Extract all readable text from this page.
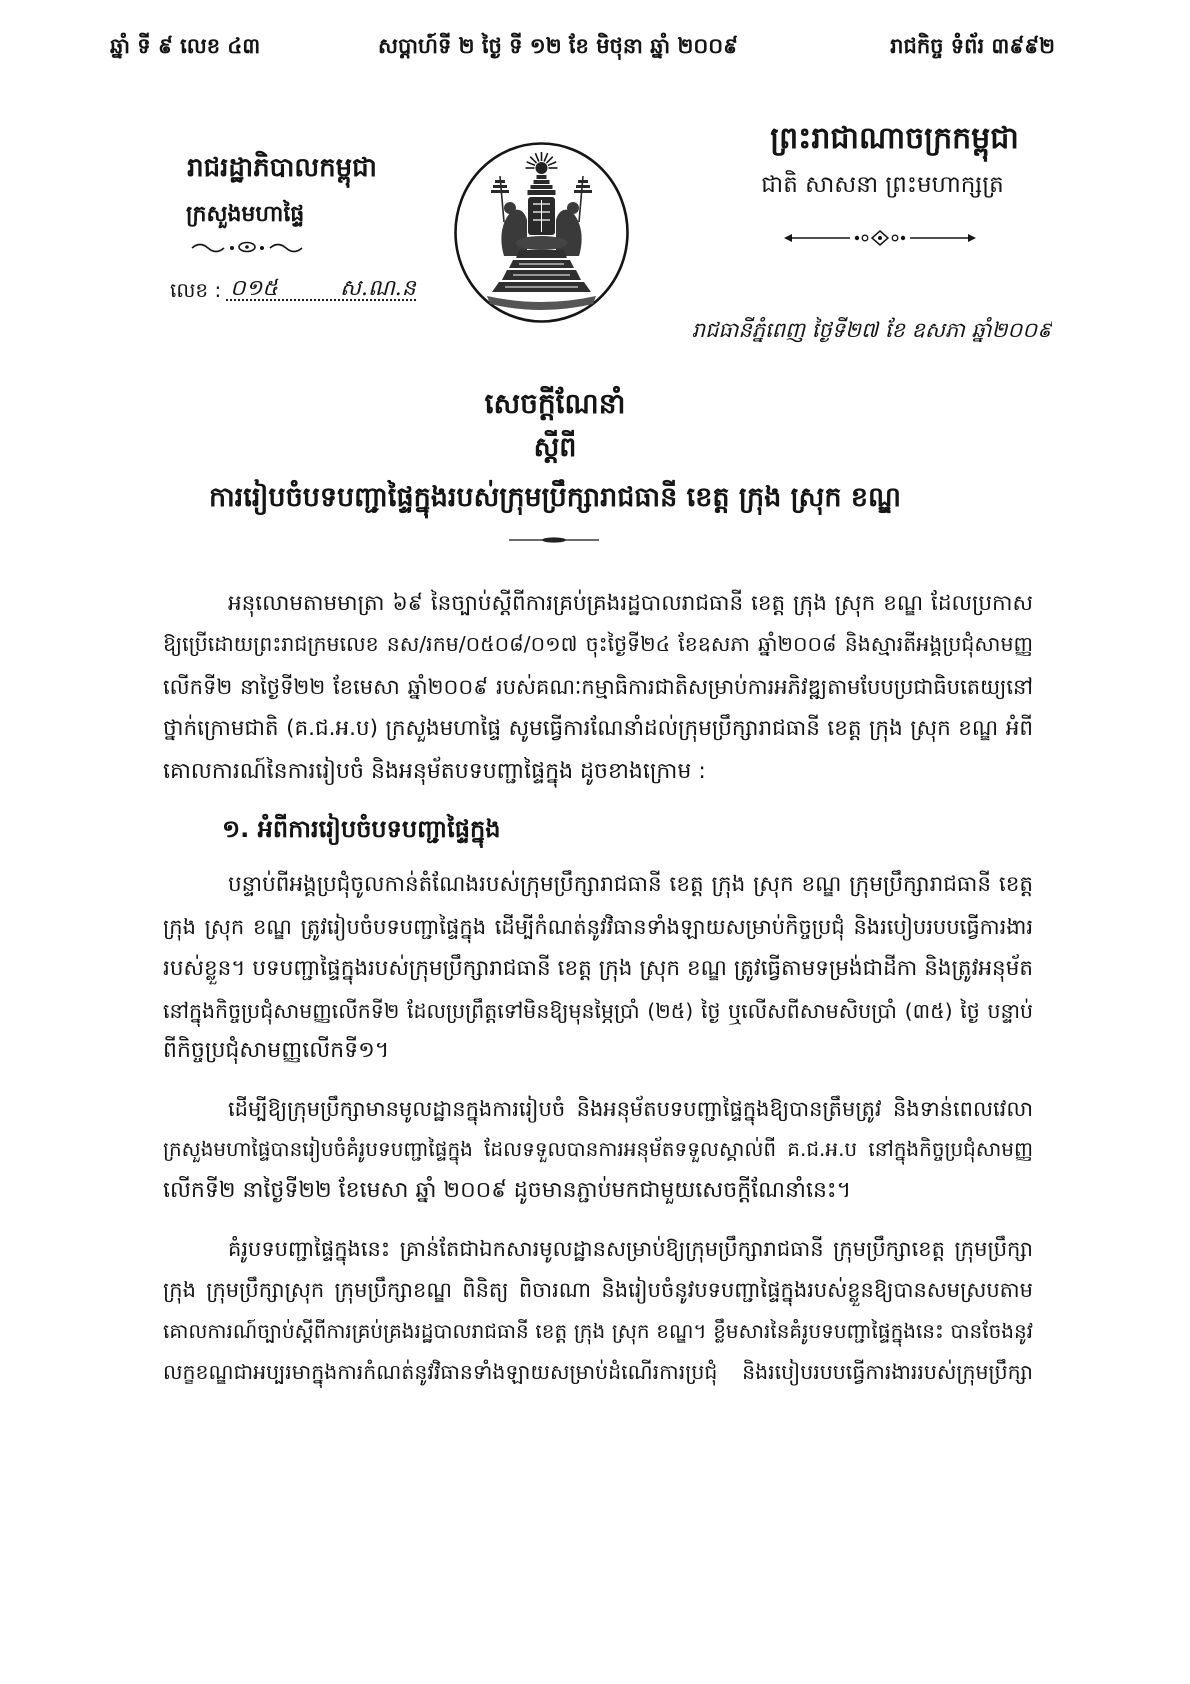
ឆ្នាំ ទី ៩ លេខ ៤៣	សប្តាហ៍ទី ២ ថ្ងៃ ទី ១២ ខែ មិថុនា ឆ្នាំ ២០០៩	រាជកិច្ច ទំព័រ ៣៩៩២
ព្រះរាជាណាចក្រកម្ពុជា
ជាតិ សាសនា ព្រះមហាក្សត្រ
រាជរដ្ឋាភិបាលកម្ពុជា
ក្រសួងមហាផ្ទៃ
លេខ : ០១៥	ស.ណ.ន
រាជធានីភ្នំពេញ ថ្ងៃទី២៧ ខែ ឧសភា ឆ្នាំ២០០៩
សេចក្តីណែនាំ
ស្តីពី
ការរៀបចំបទបញ្ជាផ្ទៃក្នុងរបស់ក្រុមប្រឹក្សារាជធានី ខេត្ត ក្រុង ស្រុក ខណ្ឌ
អនុលោមតាមមាត្រា ៦៩ នៃច្បាប់ស្តីពីការគ្រប់គ្រងរដ្ឋបាលរាជធានី ខេត្ត ក្រុង ស្រុក ខណ្ឌ ដែលប្រកាស
ឱ្យប្រើដោយព្រះរាជក្រមលេខ នស/រកម/០៥០៨/០១៧ ចុះថ្ងៃទី២៤ ខែឧសភា ឆ្នាំ២០០៨ និងស្មារតីអង្គប្រជុំសាមញ្ញ
លើកទី២ នាថ្ងៃទី២២ ខែមេសា ឆ្នាំ២០០៩ របស់គណៈកម្មាធិការជាតិសម្រាប់ការអភិវឌ្ឍតាមបែបប្រជាធិបតេយ្យនៅ
ថ្នាក់ក្រោមជាតិ (គ.ជ.អ.ប) ក្រសួងមហាផ្ទៃ សូមធ្វើការណែនាំដល់ក្រុមប្រឹក្សារាជធានី ខេត្ត ក្រុង ស្រុក ខណ្ឌ អំពី
គោលការណ៍នៃការរៀបចំ និងអនុម័តបទបញ្ជាផ្ទៃក្នុង ដូចខាងក្រោម :
១. អំពីការរៀបចំបទបញ្ជាផ្ទៃក្នុង
បន្ទាប់ពីអង្គប្រជុំចូលកាន់តំណែងរបស់ក្រុមប្រឹក្សារាជធានី ខេត្ត ក្រុង ស្រុក ខណ្ឌ ក្រុមប្រឹក្សារាជធានី ខេត្ត
ក្រុង ស្រុក ខណ្ឌ ត្រូវរៀបចំបទបញ្ជាផ្ទៃក្នុង ដើម្បីកំណត់នូវវិធានទាំងឡាយសម្រាប់កិច្ចប្រជុំ និងរបៀបរបបធ្វើការងារ
របស់ខ្លួន។ បទបញ្ជាផ្ទៃក្នុងរបស់ក្រុមប្រឹក្សារាជធានី ខេត្ត ក្រុង ស្រុក ខណ្ឌ ត្រូវធ្វើតាមទម្រង់ជាដីកា និងត្រូវអនុម័ត
នៅក្នុងកិច្ចប្រជុំសាមញ្ញលើកទី២ ដែលប្រព្រឹត្តទៅមិនឱ្យមុនម្ភៃប្រាំ (២៥) ថ្ងៃ ឬលើសពីសាមសិបប្រាំ (៣៥) ថ្ងៃ បន្ទាប់
ពីកិច្ចប្រជុំសាមញ្ញលើកទី១។
ដើម្បីឱ្យក្រុមប្រឹក្សាមានមូលដ្ឋានក្នុងការរៀបចំ និងអនុម័តបទបញ្ជាផ្ទៃក្នុងឱ្យបានត្រឹមត្រូវ និងទាន់ពេលវេលា
ក្រសួងមហាផ្ទៃបានរៀបចំគំរូបទបញ្ជាផ្ទៃក្នុង ដែលទទួលបានការអនុម័តទទួលស្គាល់ពី គ.ជ.អ.ប នៅក្នុងកិច្ចប្រជុំសាមញ្ញ
លើកទី២ នាថ្ងៃទី២២ ខែមេសា ឆ្នាំ ២០០៩ ដូចមានភ្ជាប់មកជាមួយសេចក្តីណែនាំនេះ។
គំរូបទបញ្ជាផ្ទៃក្នុងនេះ គ្រាន់តែជាឯកសារមូលដ្ឋានសម្រាប់ឱ្យក្រុមប្រឹក្សារាជធានី ក្រុមប្រឹក្សាខេត្ត ក្រុមប្រឹក្សា
ក្រុង ក្រុមប្រឹក្សាស្រុក ក្រុមប្រឹក្សាខណ្ឌ ពិនិត្យ ពិចារណា និងរៀបចំនូវបទបញ្ជាផ្ទៃក្នុងរបស់ខ្លួនឱ្យបានសមស្របតាម
គោលការណ៍ច្បាប់ស្តីពីការគ្រប់គ្រងរដ្ឋបាលរាជធានី ខេត្ត ក្រុង ស្រុក ខណ្ឌ។ ខ្លឹមសារនៃគំរូបទបញ្ជាផ្ទៃក្នុងនេះ បានចែងនូវ
លក្ខខណ្ឌជាអប្បរមាក្នុងការកំណត់នូវវិធានទាំងឡាយសម្រាប់ដំណើរការប្រជុំ និងរបៀបរបបធ្វើការងាររបស់ក្រុមប្រឹក្សា
